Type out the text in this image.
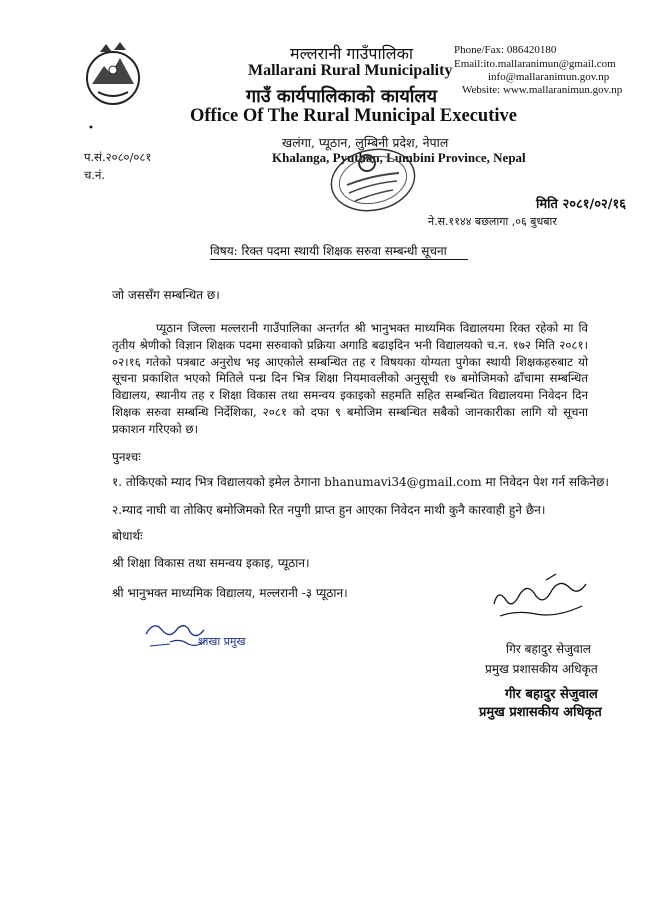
मल्लरानी गाउँपालिका
Mallarani Rural Municipality
गाउँ कार्यपालिकाको कार्यालय
Office Of The Rural Municipal Executive
खलंगा, प्यूठान, लुम्बिनी प्रदेश, नेपाल
Khalanga, Pyuthan, Lumbini Province, Nepal
Phone/Fax: 086420180
Email:ito.mallaranimun@gmail.com
info@mallaranimun.gov.np
Website: www.mallaranimun.gov.np
•
प.सं.२०८०/०८१
च.नं.
मिति २०८१/०२/१६
ने.स.११४४ बछलागा ,०६ बुधबार
विषय: रिक्त पदमा स्थायी शिक्षक सरुवा सम्बन्धी सूचना
जो जससँग सम्बन्धित छ।
प्यूठान जिल्ला मल्लरानी गाउँपालिका अन्तर्गत श्री भानुभक्त माध्यमिक विद्यालयमा रिक्त रहेको मा वि तृतीय श्रेणीको विज्ञान शिक्षक पदमा सरुवाको प्रक्रिया अगाडि बढाइदिन भनी विद्यालयको च.न. १७२ मिति २०८१।०२।१६ गतेको पत्रबाट अनुरोध भइ आएकोले सम्बन्धित तह र विषयका योग्यता पुगेका स्थायी शिक्षकहरुबाट यो सूचना प्रकाशित भएको मितिले पन्ध्र दिन भित्र शिक्षा नियमावलीको अनुसूची १७ बमोजिमको ढाँचामा सम्बन्धित विद्यालय, स्थानीय तह र शिक्षा विकास तथा समन्वय इकाइको सहमति सहित सम्बन्धित विद्यालयमा निवेदन दिन शिक्षक सरुवा सम्बन्धि निर्देशिका, २०८१ को दफा ९ बमोजिम सम्बन्धित सबैको जानकारीका लागि यो सूचना प्रकाशन गरिएको छ।
पुनश्चः
१. तोकिएको म्याद भित्र विद्यालयको इमेल ठेगाना bhanumavi34@gmail.com मा निवेदन पेश गर्न सकिनेछ।
२.म्याद नाघी वा तोकिए बमोजिमको रित नपुगी प्राप्त हुन आएका निवेदन माथी कुनै कारवाही हुने छैन।
बोधार्थः
श्री शिक्षा विकास तथा समन्वय इकाइ, प्यूठान।
श्री भानुभक्त माध्यमिक विद्यालय, मल्लरानी -३ प्यूठान।
शाखा प्रमुख
गिर बहादुर सेजुवाल
प्रमुख प्रशासकीय अधिकृत
गीर बहादुर सेजुवाल
प्रमुख प्रशासकीय अधिकृत
